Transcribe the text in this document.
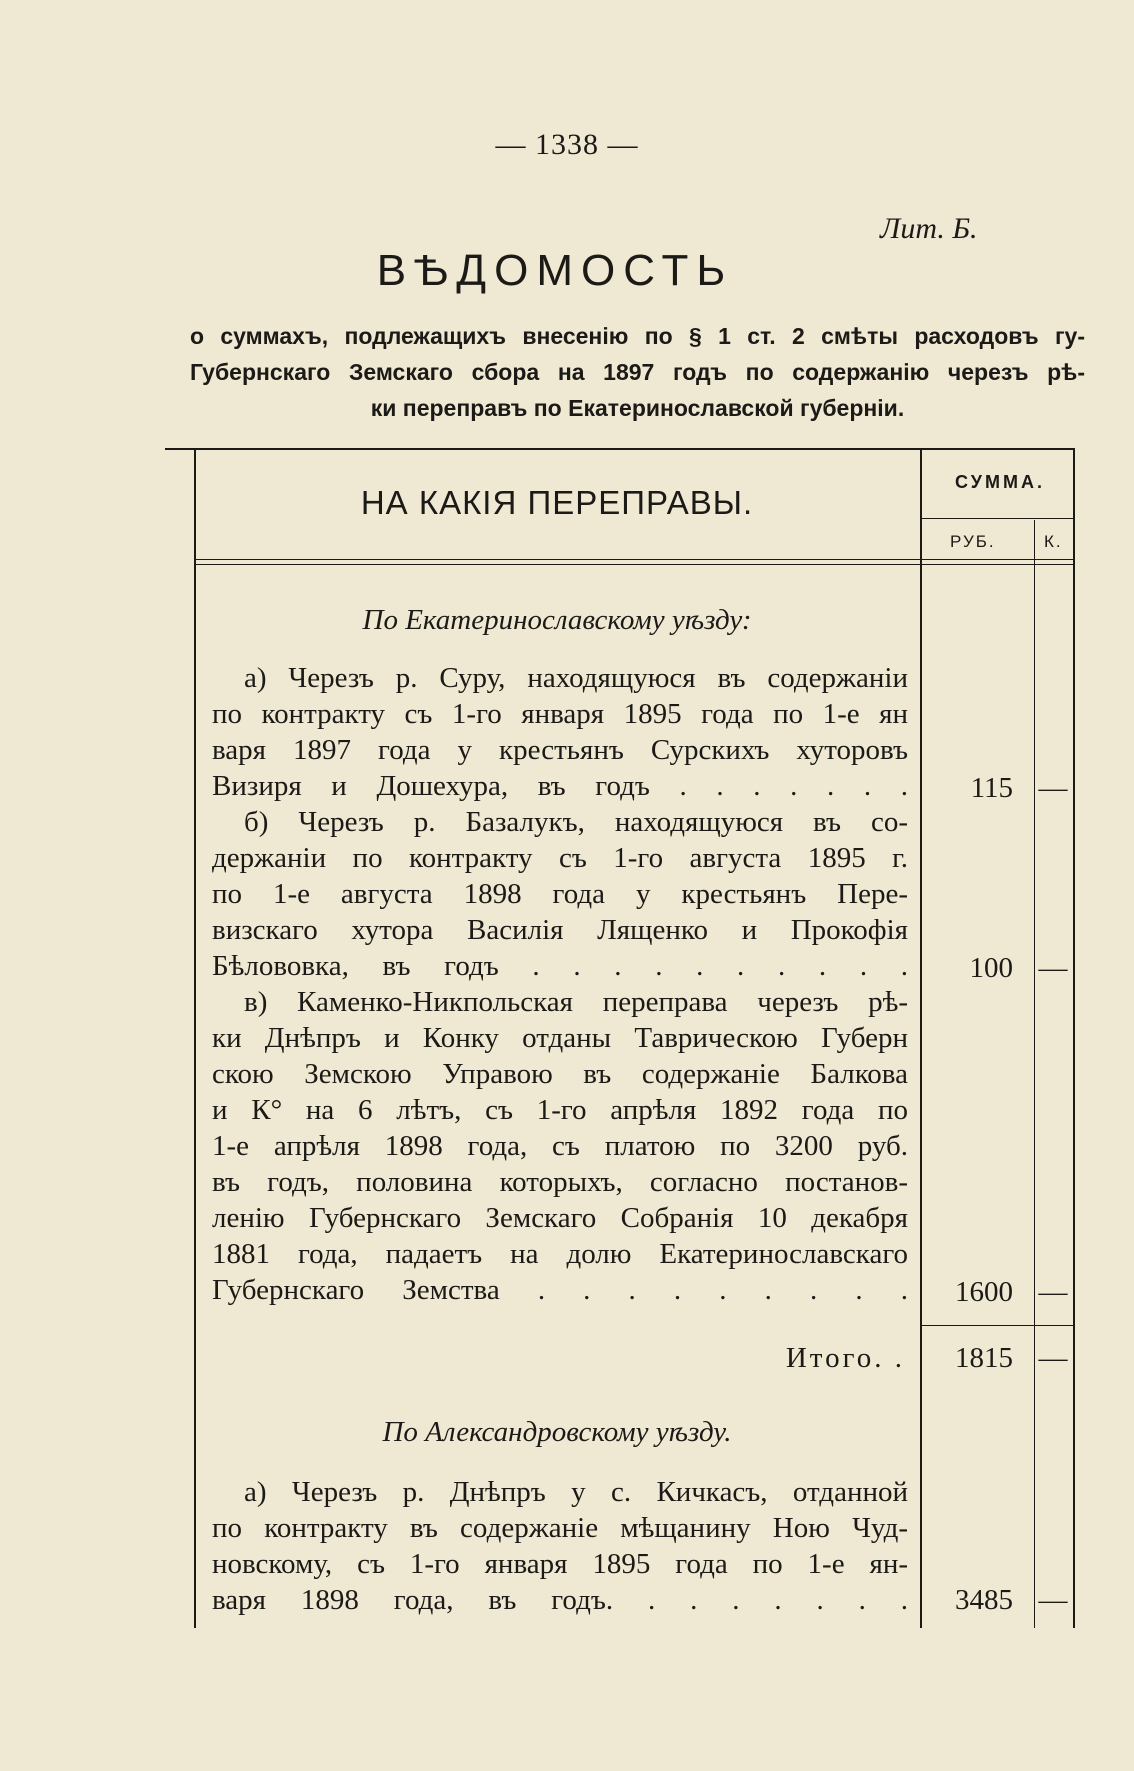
— 1338 —
Лит. Б.
ВѢДОМОСТЬ
о суммахъ, подлежащихъ внесенію по § 1 ст. 2 смѣты расходовъ гу-
Губернскаго Земскаго сбора на 1897 годъ по содержанію черезъ рѣ-
ки переправъ по Екатеринославской губерніи.
НА КАКІЯ ПЕРЕПРАВЫ.
СУММА.
РУБ.	К.
По Екатеринославскому уѣзду:
а) Черезъ р. Суру, находящуюся въ содержаніи
по контракту съ 1-го января 1895 года по 1-е ян
варя 1897 года у крестьянъ Сурскихъ хуторовъ
Визиря и Дошехура, въ годъ . . . . . . .	115 —
б) Черезъ р. Базалукъ, находящуюся въ со-
держаніи по контракту съ 1-го августа 1895 г.
по 1-е августа 1898 года у крестьянъ Пере-
визскаго хутора Василія Лященко и Прокофія
Бѣлововка, въ годъ . . . . . . . . . .	100 —
в) Каменко-Никпольская переправа черезъ рѣ-
ки Днѣпръ и Конку отданы Таврическою Губерн
скою Земскою Управою въ содержаніе Балкова
и К° на 6 лѣтъ, съ 1-го апрѣля 1892 года по
1-е апрѣля 1898 года, съ платою по 3200 руб.
въ годъ, половина которыхъ, согласно постанов-
ленію Губернскаго Земскаго Собранія 10 декабря
1881 года, падаетъ на долю Екатеринославскаго
Губернскаго Земства . . . . . . . . .	1600 —
Итого. .	1815 —
По Александровскому уѣзду.
а) Черезъ р. Днѣпръ у с. Кичкасъ, отданной
по контракту въ содержаніе мѣщанину Ною Чуд-
новскому, съ 1-го января 1895 года по 1-е ян-
варя 1898 года, въ годъ. . . . . . . .	3485 —
